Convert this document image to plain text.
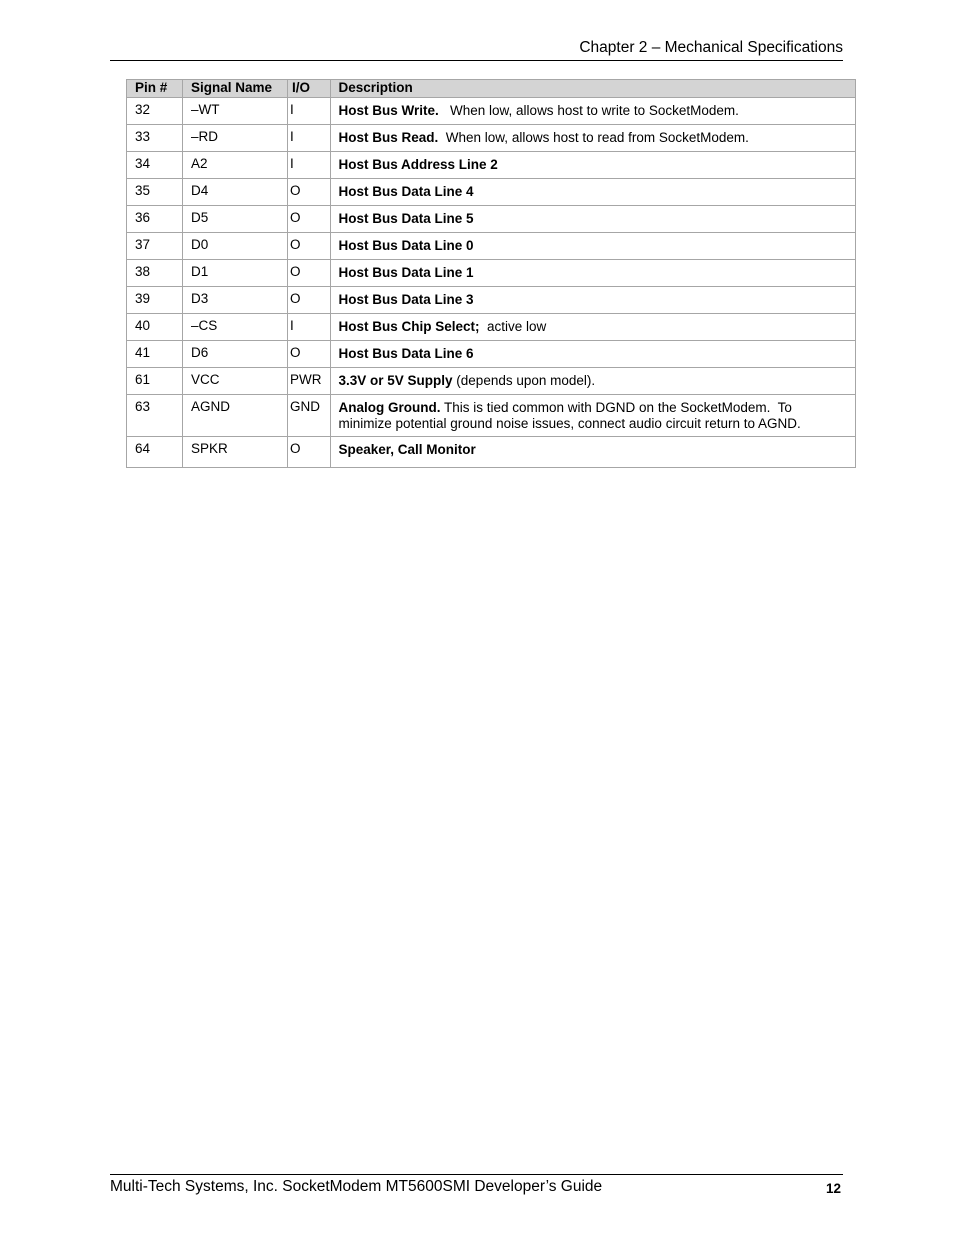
Chapter 2 – Mechanical Specifications
Pin #	Signal Name	I/O	Description
32	–WT	I	Host Bus Write.   When low, allows host to write to SocketModem.
33	–RD	I	Host Bus Read.  When low, allows host to read from SocketModem.
34	A2	I	Host Bus Address Line 2
35	D4	O	Host Bus Data Line 4
36	D5	O	Host Bus Data Line 5
37	D0	O	Host Bus Data Line 0
38	D1	O	Host Bus Data Line 1
39	D3	O	Host Bus Data Line 3
40	–CS	I	Host Bus Chip Select;  active low
41	D6	O	Host Bus Data Line 6
61	VCC	PWR	3.3V or 5V Supply (depends upon model).
63	AGND	GND	Analog Ground. This is tied common with DGND on the SocketModem.  To minimize potential ground noise issues, connect audio circuit return to AGND.
64	SPKR	O	Speaker, Call Monitor
Multi-Tech Systems, Inc. SocketModem MT5600SMI Developer’s Guide	12
